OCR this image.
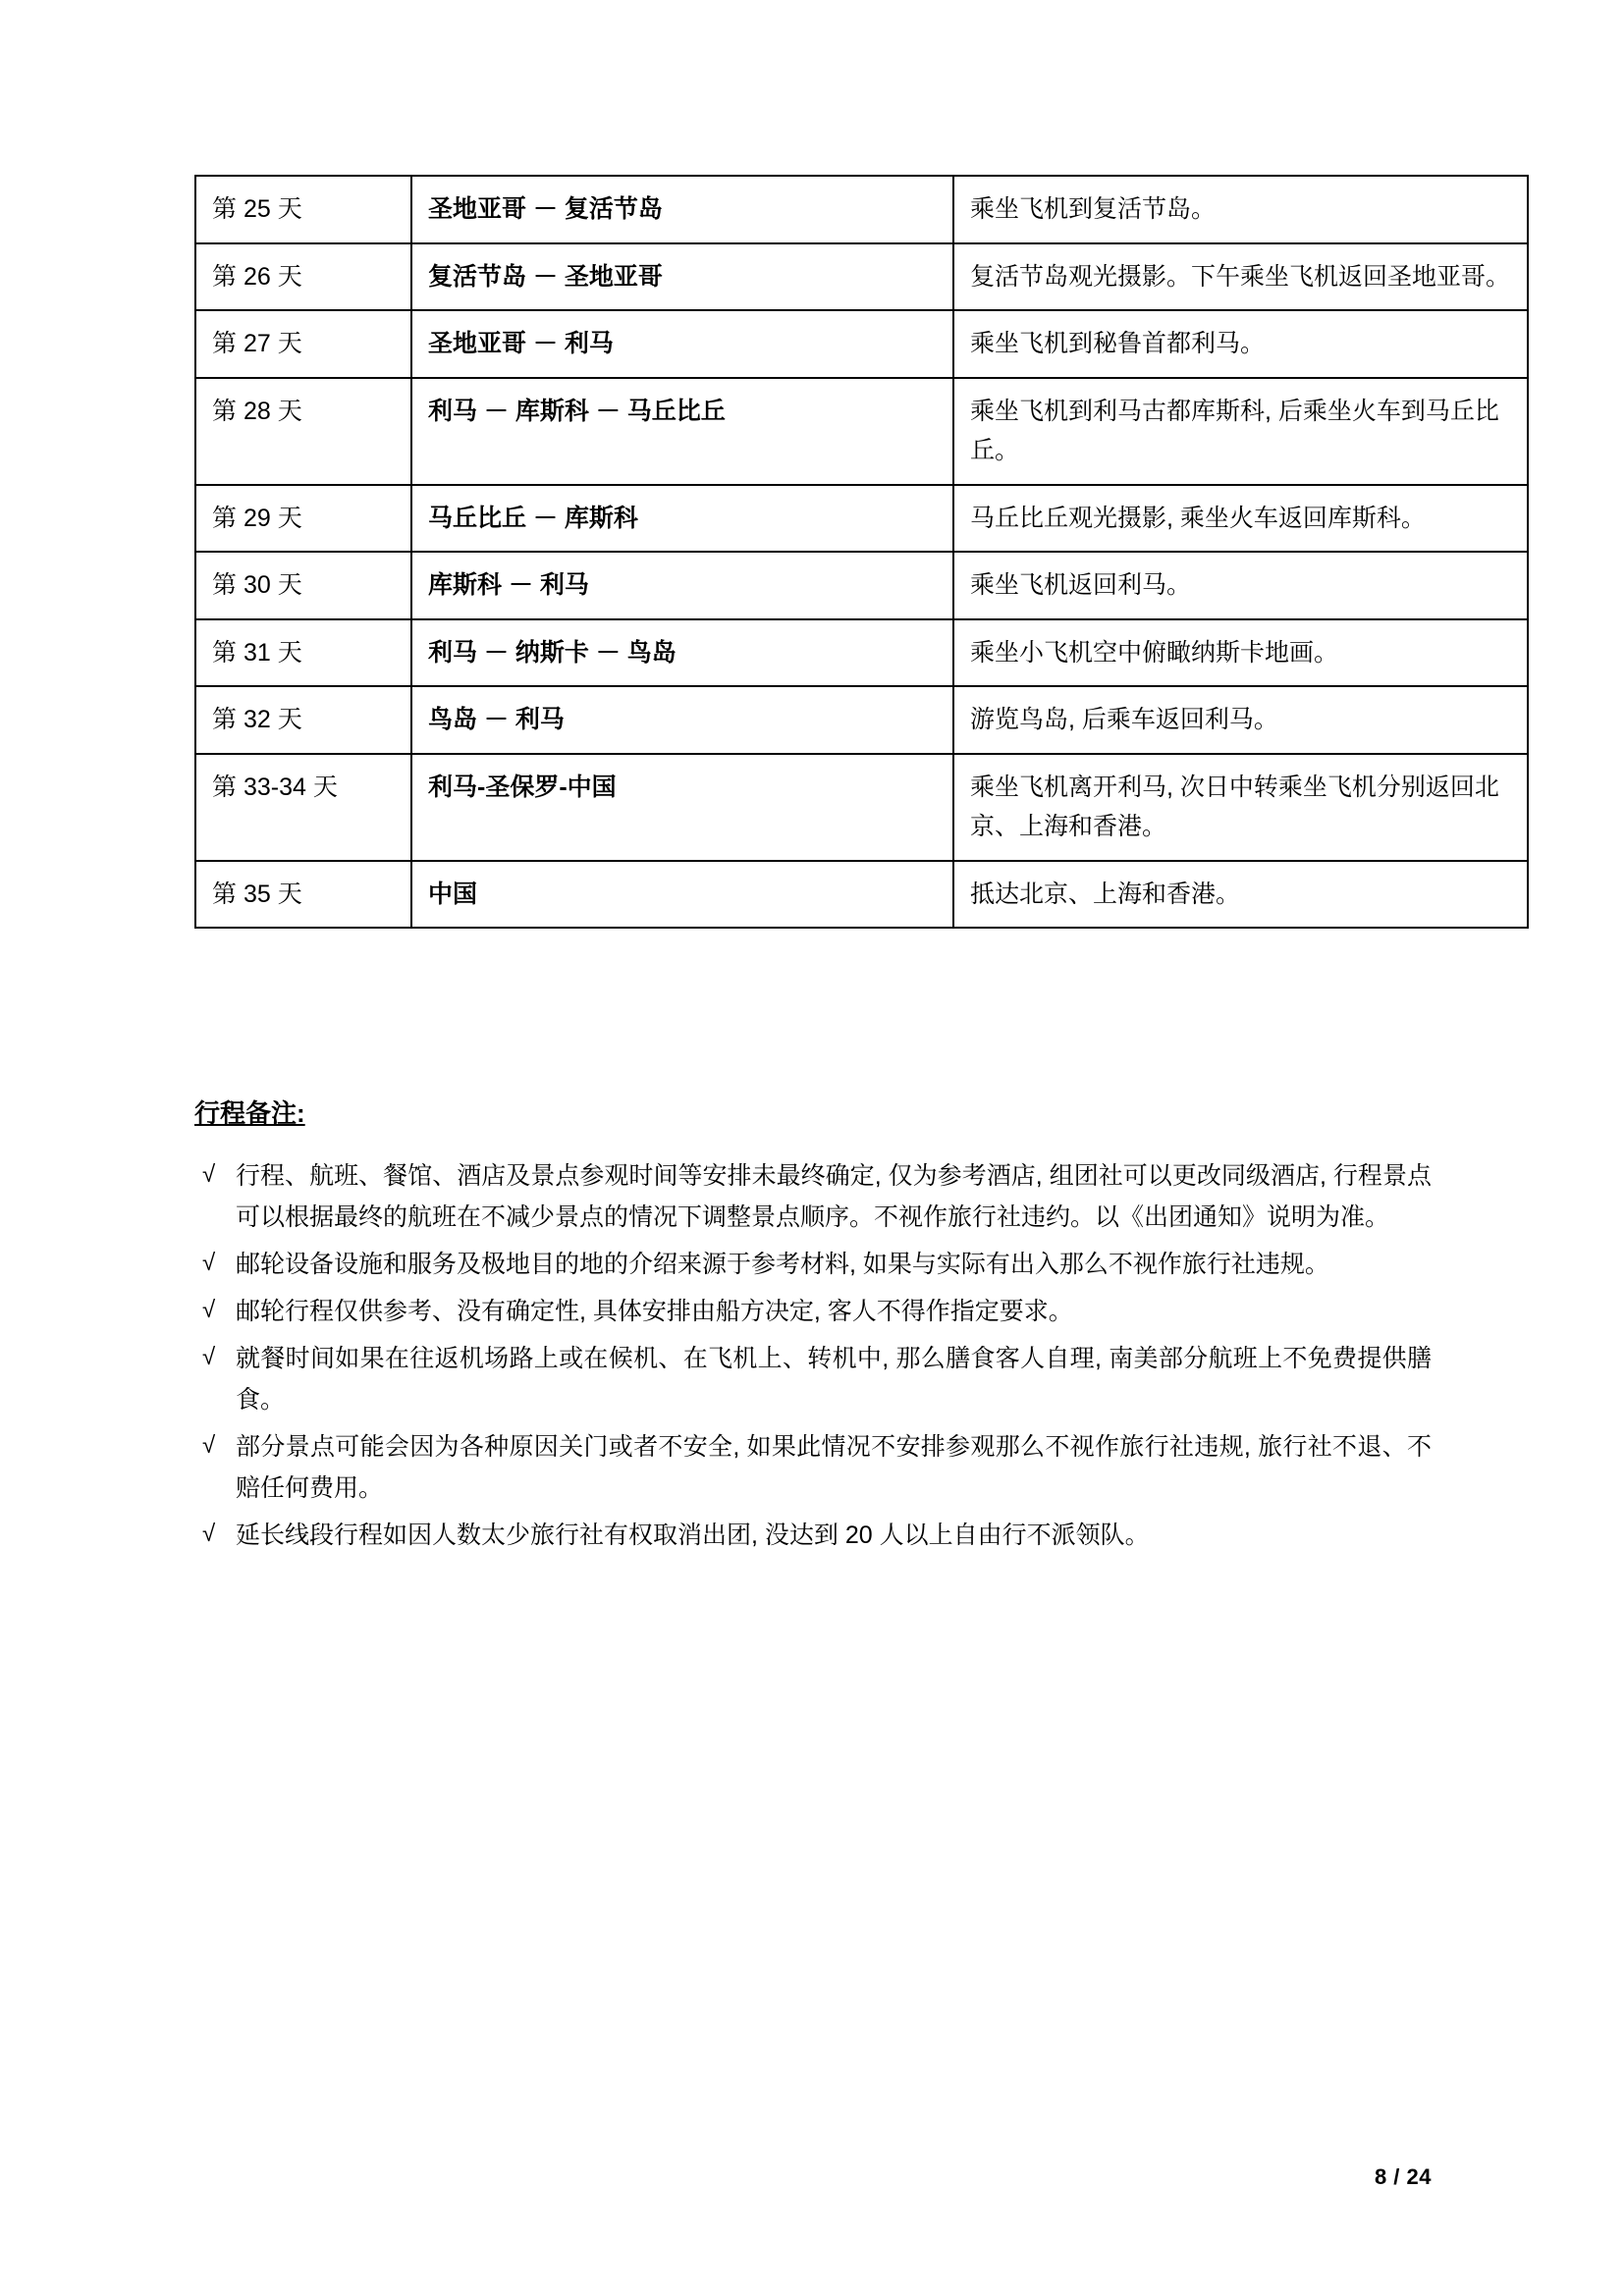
第 25 天	圣地亚哥 － 复活节岛	乘坐飞机到复活节岛。
第 26 天	复活节岛 － 圣地亚哥	复活节岛观光摄影。下午乘坐飞机返回圣地亚哥。
第 27 天	圣地亚哥 － 利马	乘坐飞机到秘鲁首都利马。
第 28 天	利马 － 库斯科 － 马丘比丘	乘坐飞机到利马古都库斯科, 后乘坐火车到马丘比丘。
第 29 天	马丘比丘 － 库斯科	马丘比丘观光摄影, 乘坐火车返回库斯科。
第 30 天	库斯科 － 利马	乘坐飞机返回利马。
第 31 天	利马 － 纳斯卡 － 鸟岛	乘坐小飞机空中俯瞰纳斯卡地画。
第 32 天	鸟岛 － 利马	游览鸟岛, 后乘车返回利马。
第 33-34 天	利马-圣保罗-中国	乘坐飞机离开利马, 次日中转乘坐飞机分别返回北京、上海和香港。
第 35 天	中国	抵达北京、上海和香港。
行程备注:
√ 行程、航班、餐馆、酒店及景点参观时间等安排未最终确定, 仅为参考酒店, 组团社可以更改同级酒店, 行程景点可以根据最终的航班在不减少景点的情况下调整景点顺序。不视作旅行社违约。以《出团通知》说明为准。
√ 邮轮设备设施和服务及极地目的地的介绍来源于参考材料, 如果与实际有出入那么不视作旅行社违规。
√ 邮轮行程仅供参考、没有确定性, 具体安排由船方决定, 客人不得作指定要求。
√ 就餐时间如果在往返机场路上或在候机、在飞机上、转机中, 那么膳食客人自理, 南美部分航班上不免费提供膳食。
√ 部分景点可能会因为各种原因关门或者不安全, 如果此情况不安排参观那么不视作旅行社违规, 旅行社不退、不赔任何费用。
√ 延长线段行程如因人数太少旅行社有权取消出团, 没达到 20 人以上自由行不派领队。
8 / 24
